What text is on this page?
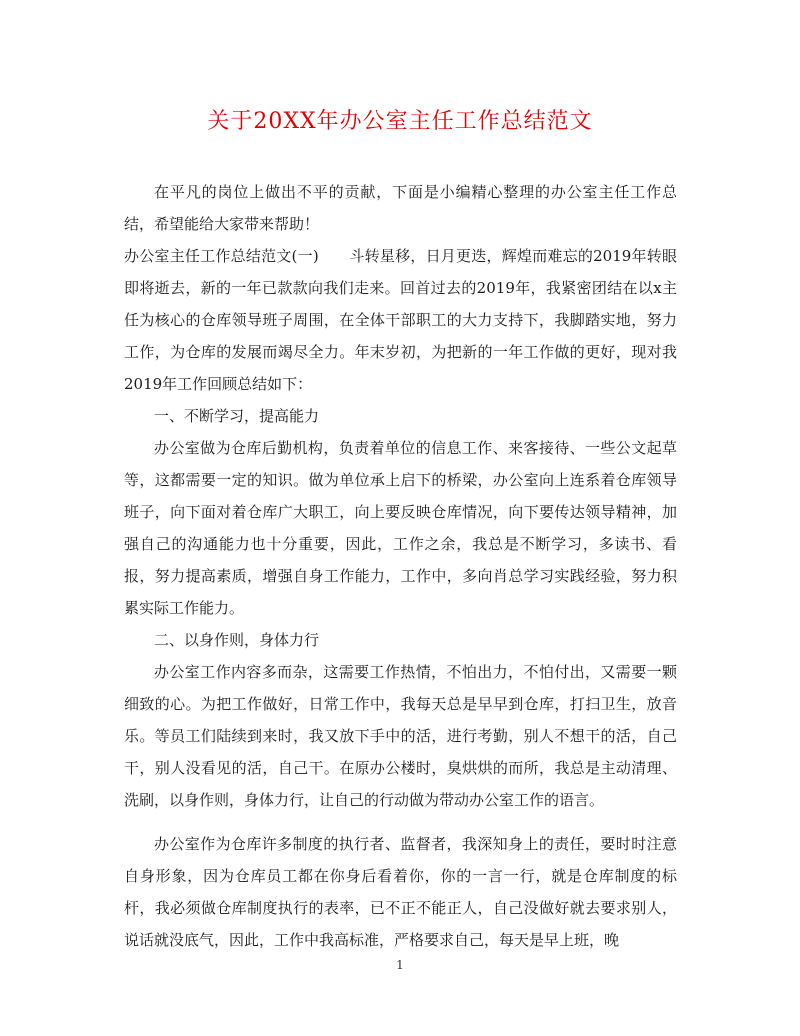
关于20XX年办公室主任工作总结范文

在平凡的岗位上做出不平的贡献，下面是小编精心整理的办公室主任工作总结，希望能给大家带来帮助！

办公室主任工作总结范文(一)　　斗转星移，日月更迭，辉煌而难忘的2019年转眼即将逝去，新的一年已款款向我们走来。回首过去的2019年，我紧密团结在以x主任为核心的仓库领导班子周围，在全体干部职工的大力支持下，我脚踏实地，努力工作，为仓库的发展而竭尽全力。年末岁初，为把新的一年工作做的更好，现对我2019年工作回顾总结如下：

一、不断学习，提高能力

办公室做为仓库后勤机构，负责着单位的信息工作、来客接待、一些公文起草等，这都需要一定的知识。做为单位承上启下的桥梁，办公室向上连系着仓库领导班子，向下面对着仓库广大职工，向上要反映仓库情况，向下要传达领导精神，加强自己的沟通能力也十分重要，因此，工作之余，我总是不断学习，多读书、看报，努力提高素质，增强自身工作能力，工作中，多向肖总学习实践经验，努力积累实际工作能力。

二、以身作则，身体力行

办公室工作内容多而杂，这需要工作热情，不怕出力，不怕付出，又需要一颗细致的心。为把工作做好，日常工作中，我每天总是早早到仓库，打扫卫生，放音乐。等员工们陆续到来时，我又放下手中的活，进行考勤，别人不想干的活，自己干，别人没看见的活，自己干。在原办公楼时，臭烘烘的而所，我总是主动清理、洗刷，以身作则，身体力行，让自己的行动做为带动办公室工作的语言。

办公室作为仓库许多制度的执行者、监督者，我深知身上的责任，要时时注意自身形象，因为仓库员工都在你身后看着你，你的一言一行，就是仓库制度的标杆，我必须做仓库制度执行的表率，已不正不能正人，自己没做好就去要求别人，说话就没底气，因此，工作中我高标准，严格要求自己，每天是早上班，晚

1
